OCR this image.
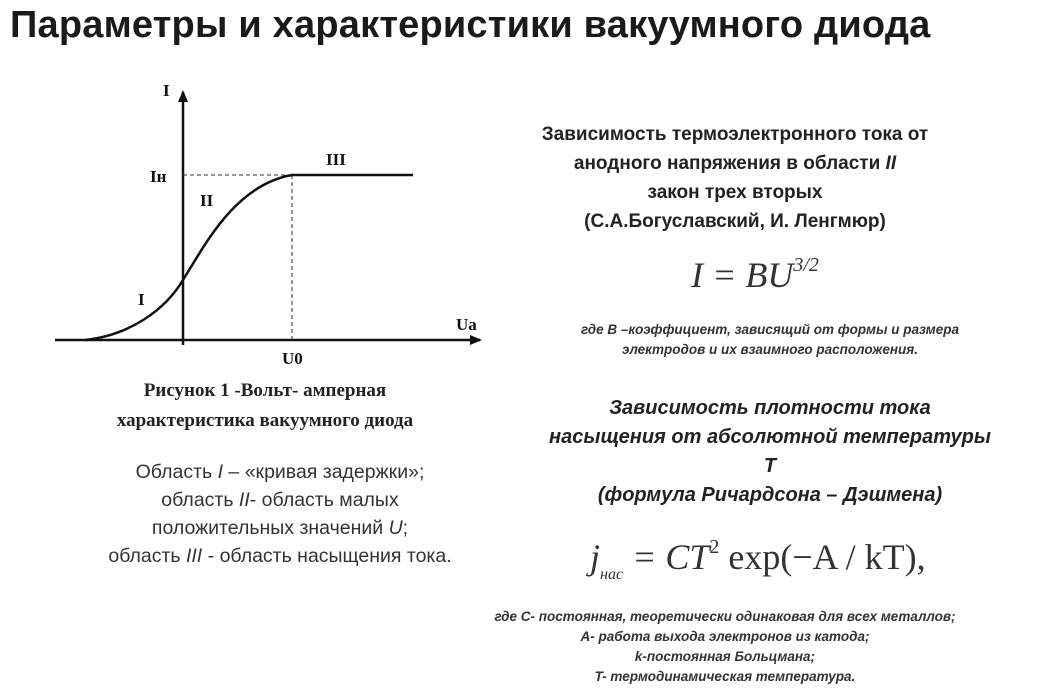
Параметры и характеристики вакуумного диода
I
Iн
III
II
I
Uа
U0
Рисунок 1 -Вольт- амперная
характеристика вакуумного диода
Область I – «кривая задержки»;
область II- область малых
положительных значений U;
область III - область насыщения тока.
Зависимость термоэлектронного тока от
анодного напряжения в области II
закон трех вторых
(С.А.Богуславский, И. Ленгмюр)
$I = BU^{3/2}$
где В –коэффициент, зависящий от формы и размера
электродов и их взаимного расположения.
Зависимость плотности тока
насыщения от абсолютной температуры
T
(формула Ричардсона – Дэшмена)
$j_{нас} = CT^2$ exp(−A / kT),
где С- постоянная, теоретически одинаковая для всех металлов;
А- работа выхода электронов из катода;
k-постоянная Больцмана;
T- термодинамическая температура.
